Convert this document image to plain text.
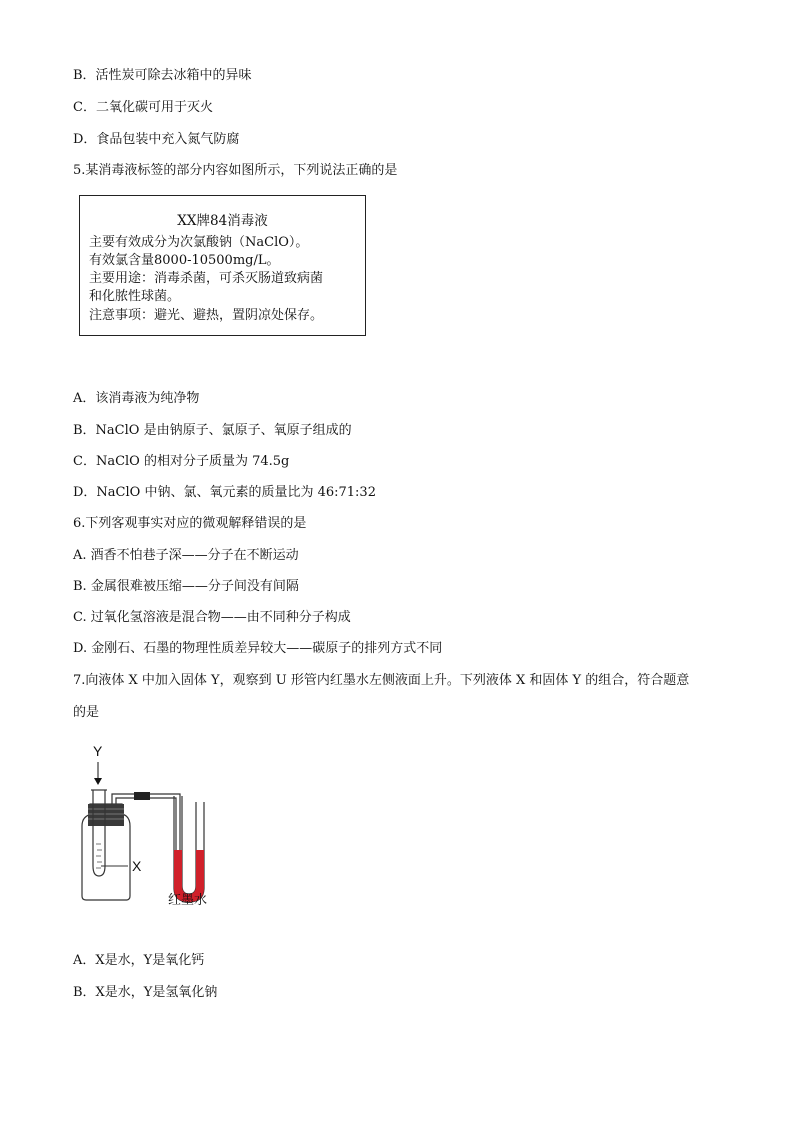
B．活性炭可除去冰箱中的异味
C．二氧化碳可用于灭火
D．食品包装中充入氮气防腐
5.某消毒液标签的部分内容如图所示，下列说法正确的是
XX牌84消毒液
主要有效成分为次氯酸钠（NaClO）。
有效氯含量8000-10500mg/L。
主要用途：消毒杀菌，可杀灭肠道致病菌
和化脓性球菌。
注意事项：避光、避热，置阴凉处保存。
A．该消毒液为纯净物
B．NaClO 是由钠原子、氯原子、氧原子组成的
C．NaClO 的相对分子质量为 74.5g
D．NaClO 中钠、氯、氧元素的质量比为 46:71:32
6.下列客观事实对应的微观解释错误的是
A. 酒香不怕巷子深——分子在不断运动
B. 金属很难被压缩——分子间没有间隔
C. 过氧化氢溶液是混合物——由不同种分子构成
D. 金刚石、石墨的物理性质差异较大——碳原子的排列方式不同
7.向液体 X 中加入固体 Y，观察到 U 形管内红墨水左侧液面上升。下列液体 X 和固体 Y 的组合，符合题意
的是
Y
X
红墨水
A．X是水，Y是氧化钙
B．X是水，Y是氢氧化钠
